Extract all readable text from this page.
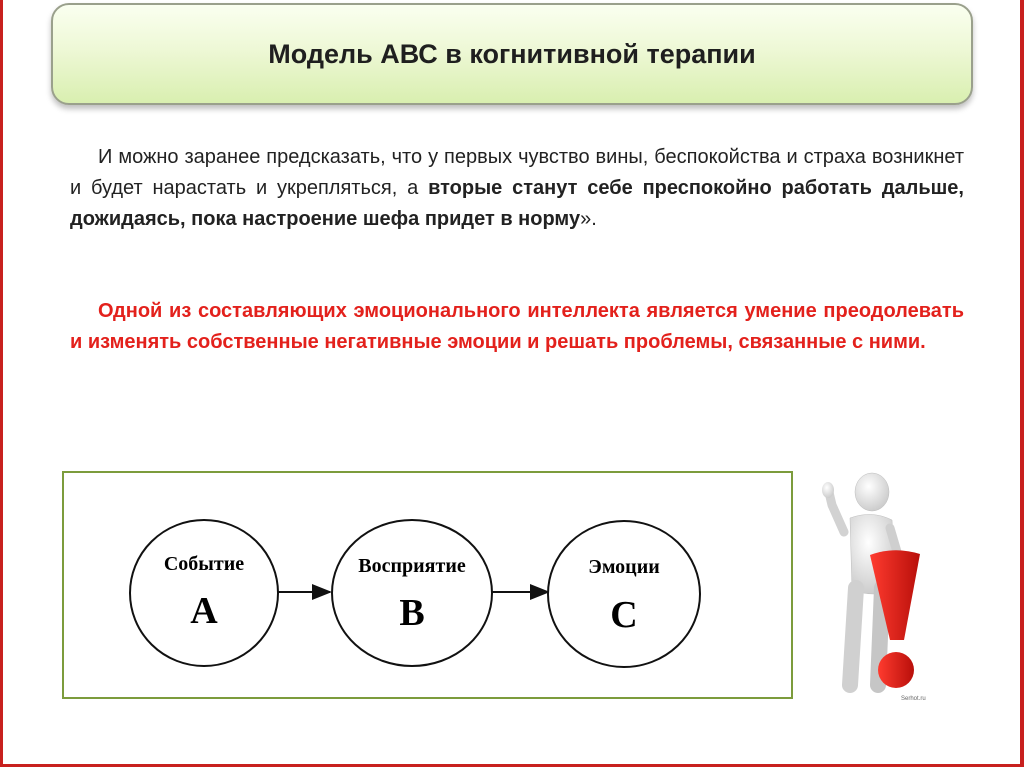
Модель АВС в когнитивной терапии

И можно заранее предсказать, что у первых чувство вины, беспокойства и страха возникнет и будет нарастать и укрепляться, а вторые станут себе преспокойно работать дальше, дожидаясь, пока настроение шефа придет в норму».

Одной из составляющих эмоционального интеллекта является умение преодолевать и изменять собственные негативные эмоции и решать проблемы, связанные с ними.

Событие
А
Восприятие
В
Эмоции
С
Serhot.ru
